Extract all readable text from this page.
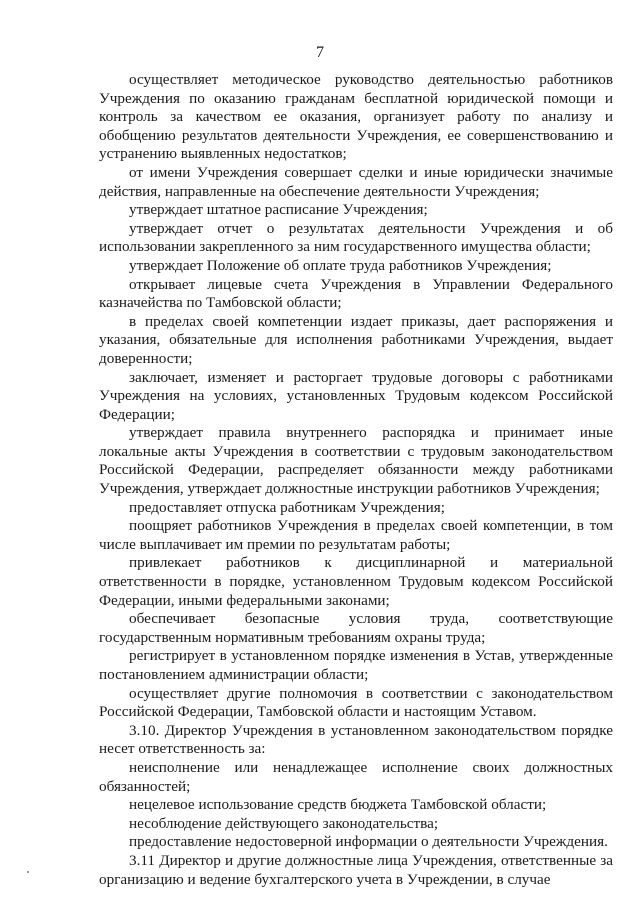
7

осуществляет методическое руководство деятельностью работников Учреждения по оказанию гражданам бесплатной юридической помощи и контроль за качеством ее оказания, организует работу по анализу и обобщению результатов деятельности Учреждения, ее совершенствованию и устранению выявленных недостатков;

от имени Учреждения совершает сделки и иные юридически значимые действия, направленные на обеспечение деятельности Учреждения;

утверждает штатное расписание Учреждения;

утверждает отчет о результатах деятельности Учреждения и об использовании закрепленного за ним государственного имущества области;

утверждает Положение об оплате труда работников Учреждения;

открывает лицевые счета Учреждения в Управлении Федерального казначейства по Тамбовской области;

в пределах своей компетенции издает приказы, дает распоряжения и указания, обязательные для исполнения работниками Учреждения, выдает доверенности;

заключает, изменяет и расторгает трудовые договоры с работниками Учреждения на условиях, установленных Трудовым кодексом Российской Федерации;

утверждает правила внутреннего распорядка и принимает иные локальные акты Учреждения в соответствии с трудовым законодательством Российской Федерации, распределяет обязанности между работниками Учреждения, утверждает должностные инструкции работников Учреждения;

предоставляет отпуска работникам Учреждения;

поощряет работников Учреждения в пределах своей компетенции, в том числе выплачивает им премии по результатам работы;

привлекает работников к дисциплинарной и материальной ответственности в порядке, установленном Трудовым кодексом Российской Федерации, иными федеральными законами;

обеспечивает безопасные условия труда, соответствующие государственным нормативным требованиям охраны труда;

регистрирует в установленном порядке изменения в Устав, утвержденные постановлением администрации области;

осуществляет другие полномочия в соответствии с законодательством Российской Федерации, Тамбовской области и настоящим Уставом.

3.10. Директор Учреждения в установленном законодательством порядке несет ответственность за:

неисполнение или ненадлежащее исполнение своих должностных обязанностей;

нецелевое использование средств бюджета Тамбовской области;

несоблюдение действующего законодательства;

предоставление недостоверной информации о деятельности Учреждения.

3.11 Директор и другие должностные лица Учреждения, ответственные за организацию и ведение бухгалтерского учета в Учреждении, в случае
